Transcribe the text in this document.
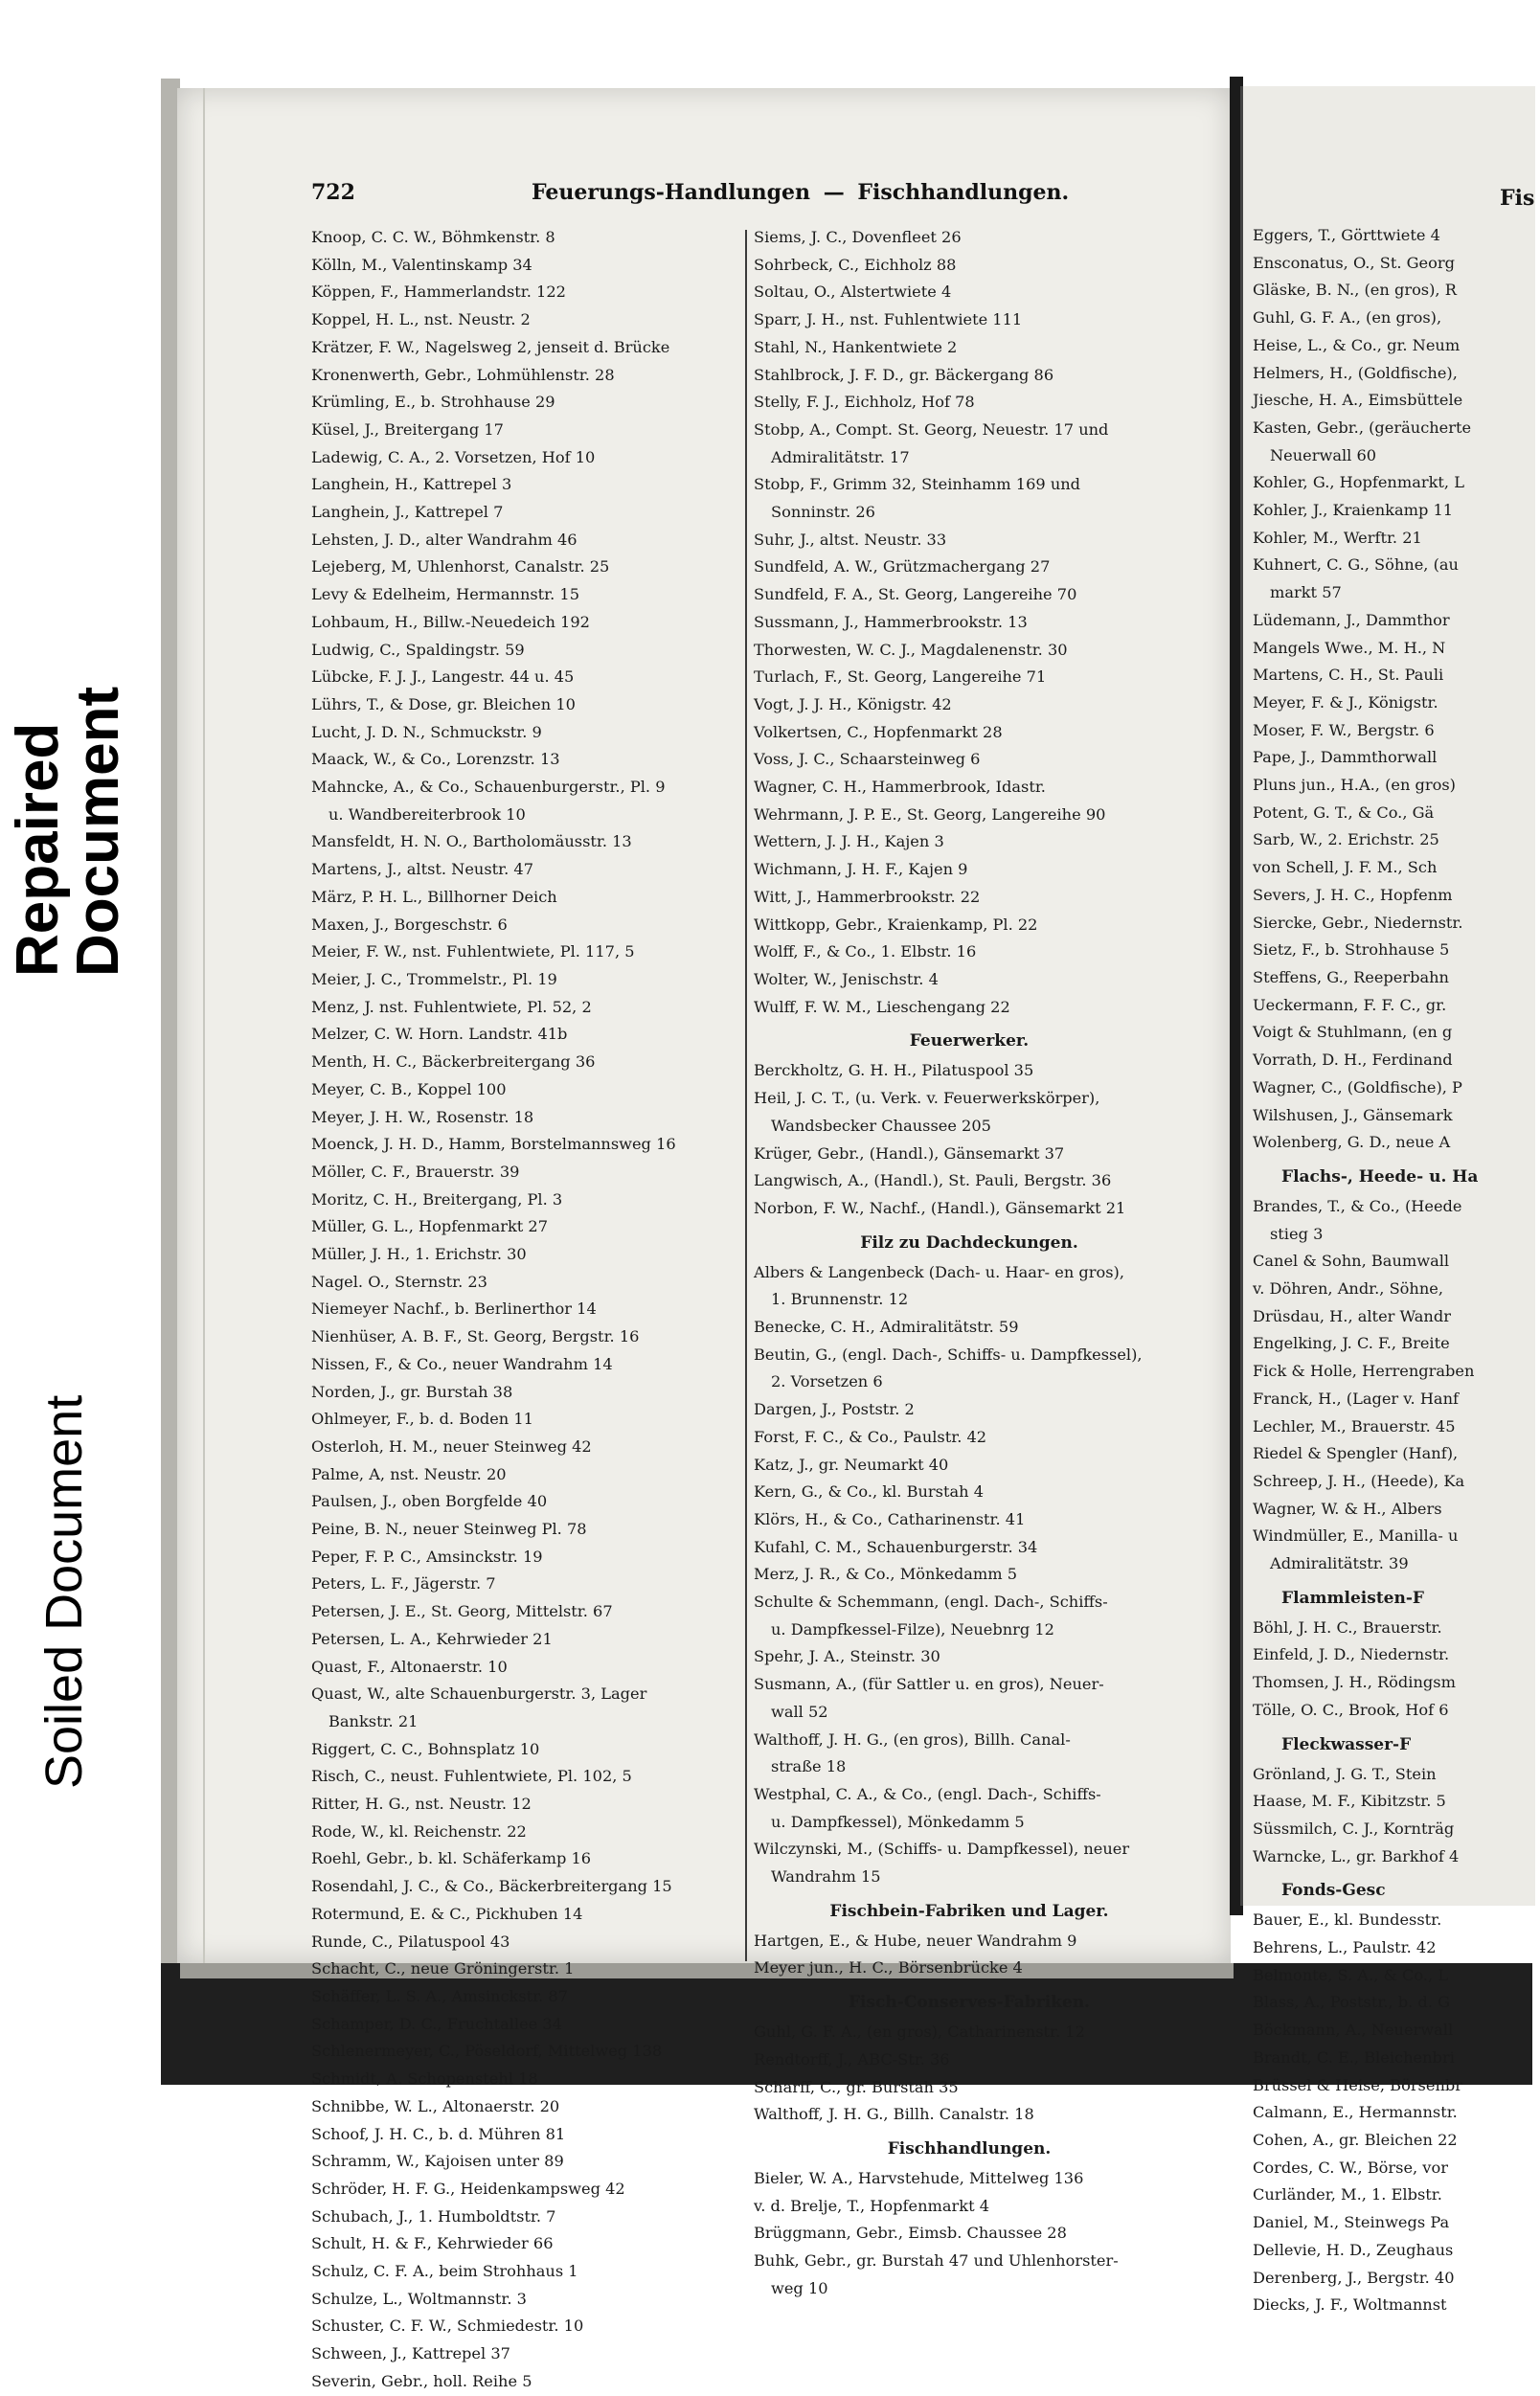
Repaired
Document
Soiled Document
722	Feuerungs-Handlungen — Fischhandlungen.
Knoop, C. C. W., Böhmkenstr. 8
Kölln, M., Valentinskamp 34
Köppen, F., Hammerlandstr. 122
Koppel, H. L., nst. Neustr. 2
Krätzer, F. W., Nagelsweg 2, jenseit d. Brücke
Kronenwerth, Gebr., Lohmühlenstr. 28
Krümling, E., b. Strohhause 29
Küsel, J., Breitergang 17
Ladewig, C. A., 2. Vorsetzen, Hof 10
Langhein, H., Kattrepel 3
Langhein, J., Kattrepel 7
Lehsten, J. D., alter Wandrahm 46
Lejeberg, M, Uhlenhorst, Canalstr. 25
Levy & Edelheim, Hermannstr. 15
Lohbaum, H., Billw.-Neuedeich 192
Ludwig, C., Spaldingstr. 59
Lübcke, F. J. J., Langestr. 44 u. 45
Lührs, T., & Dose, gr. Bleichen 10
Lucht, J. D. N., Schmuckstr. 9
Maack, W., & Co., Lorenzstr. 13
Mahncke, A., & Co., Schauenburgerstr., Pl. 9
u. Wandbereiterbrook 10
Mansfeldt, H. N. O., Bartholomäusstr. 13
Martens, J., altst. Neustr. 47
März, P. H. L., Billhorner Deich
Maxen, J., Borgeschstr. 6
Meier, F. W., nst. Fuhlentwiete, Pl. 117, 5
Meier, J. C., Trommelstr., Pl. 19
Menz, J. nst. Fuhlentwiete, Pl. 52, 2
Melzer, C. W. Horn. Landstr. 41b
Menth, H. C., Bäckerbreitergang 36
Meyer, C. B., Koppel 100
Meyer, J. H. W., Rosenstr. 18
Moenck, J. H. D., Hamm, Borstelmannsweg 16
Möller, C. F., Brauerstr. 39
Moritz, C. H., Breitergang, Pl. 3
Müller, G. L., Hopfenmarkt 27
Müller, J. H., 1. Erichstr. 30
Nagel. O., Sternstr. 23
Niemeyer Nachf., b. Berlinerthor 14
Nienhüser, A. B. F., St. Georg, Bergstr. 16
Nissen, F., & Co., neuer Wandrahm 14
Norden, J., gr. Burstah 38
Ohlmeyer, F., b. d. Boden 11
Osterloh, H. M., neuer Steinweg 42
Palme, A, nst. Neustr. 20
Paulsen, J., oben Borgfelde 40
Peine, B. N., neuer Steinweg Pl. 78
Peper, F. P. C., Amsinckstr. 19
Peters, L. F., Jägerstr. 7
Petersen, J. E., St. Georg, Mittelstr. 67
Petersen, L. A., Kehrwieder 21
Quast, F., Altonaerstr. 10
Quast, W., alte Schauenburgerstr. 3, Lager
Bankstr. 21
Riggert, C. C., Bohnsplatz 10
Risch, C., neust. Fuhlentwiete, Pl. 102, 5
Ritter, H. G., nst. Neustr. 12
Rode, W., kl. Reichenstr. 22
Roehl, Gebr., b. kl. Schäferkamp 16
Rosendahl, J. C., & Co., Bäckerbreitergang 15
Rotermund, E. & C., Pickhuben 14
Runde, C., Pilatuspool 43
Schacht, C., neue Gröningerstr. 1
Schäffer, L. S. A., Amsinckstr. 87
Schamper, D. C., Fruchtallee 34
Schlenermeyer, C., Pöseldorf, Mittelweg 138
Schmidt, A. Schopenstehl 18
Schnibbe, W. L., Altonaerstr. 20
Schoof, J. H. C., b. d. Mühren 81
Schramm, W., Kajoisen unter 89
Schröder, H. F. G., Heidenkampsweg 42
Schubach, J., 1. Humboldtstr. 7
Schult, H. & F., Kehrwieder 66
Schulz, C. F. A., beim Strohhaus 1
Schulze, L., Woltmannstr. 3
Schuster, C. F. W., Schmiedestr. 10
Schween, J., Kattrepel 37
Severin, Gebr., holl. Reihe 5
Siems, J. C., Dovenfleet 26
Sohrbeck, C., Eichholz 88
Soltau, O., Alstertwiete 4
Sparr, J. H., nst. Fuhlentwiete 111
Stahl, N., Hankentwiete 2
Stahlbrock, J. F. D., gr. Bäckergang 86
Stelly, F. J., Eichholz, Hof 78
Stobp, A., Compt. St. Georg, Neuestr. 17 und
Admiralitätstr. 17
Stobp, F., Grimm 32, Steinhamm 169 und
Sonninstr. 26
Suhr, J., altst. Neustr. 33
Sundfeld, A. W., Grützmachergang 27
Sundfeld, F. A., St. Georg, Langereihe 70
Sussmann, J., Hammerbrookstr. 13
Thorwesten, W. C. J., Magdalenenstr. 30
Turlach, F., St. Georg, Langereihe 71
Vogt, J. J. H., Königstr. 42
Volkertsen, C., Hopfenmarkt 28
Voss, J. C., Schaarsteinweg 6
Wagner, C. H., Hammerbrook, Idastr.
Wehrmann, J. P. E., St. Georg, Langereihe 90
Wettern, J. J. H., Kajen 3
Wichmann, J. H. F., Kajen 9
Witt, J., Hammerbrookstr. 22
Wittkopp, Gebr., Kraienkamp, Pl. 22
Wolff, F., & Co., 1. Elbstr. 16
Wolter, W., Jenischstr. 4
Wulff, F. W. M., Lieschengang 22
Feuerwerker.
Berckholtz, G. H. H., Pilatuspool 35
Heil, J. C. T., (u. Verk. v. Feuerwerkskörper),
Wandsbecker Chaussee 205
Krüger, Gebr., (Handl.), Gänsemarkt 37
Langwisch, A., (Handl.), St. Pauli, Bergstr. 36
Norbon, F. W., Nachf., (Handl.), Gänsemarkt 21
Filz zu Dachdeckungen.
Albers & Langenbeck (Dach- u. Haar- en gros),
1. Brunnenstr. 12
Benecke, C. H., Admiralitätstr. 59
Beutin, G., (engl. Dach-, Schiffs- u. Dampfkessel),
2. Vorsetzen 6
Dargen, J., Poststr. 2
Forst, F. C., & Co., Paulstr. 42
Katz, J., gr. Neumarkt 40
Kern, G., & Co., kl. Burstah 4
Klörs, H., & Co., Catharinenstr. 41
Kufahl, C. M., Schauenburgerstr. 34
Merz, J. R., & Co., Mönkedamm 5
Schulte & Schemmann, (engl. Dach-, Schiffs-
u. Dampfkessel-Filze), Neuebnrg 12
Spehr, J. A., Steinstr. 30
Susmann, A., (für Sattler u. en gros), Neuer-
wall 52
Walthoff, J. H. G., (en gros), Billh. Canal-
straße 18
Westphal, C. A., & Co., (engl. Dach-, Schiffs-
u. Dampfkessel), Mönkedamm 5
Wilczynski, M., (Schiffs- u. Dampfkessel), neuer
Wandrahm 15
Fischbein-Fabriken und Lager.
Hartgen, E., & Hube, neuer Wandrahm 9
Meyer jun., H. C., Börsenbrücke 4
Fisch-Conserves-Fabriken.
Guhl, G. F. A., (en gros), Catharinenstr. 12
Rendtorff, J., ABC-Str. 36
Scharff, C., gr. Burstah 35
Walthoff, J. H. G., Billh. Canalstr. 18
Fischhandlungen.
Bieler, W. A., Harvstehude, Mittelweg 136
v. d. Brelje, T., Hopfenmarkt 4
Brüggmann, Gebr., Eimsb. Chaussee 28
Buhk, Gebr., gr. Burstah 47 und Uhlenhorster-
weg 10
Fis
Eggers, T., Görttwiete 4
Ensconatus, O., St. Georg
Gläske, B. N., (en gros), R
Guhl, G. F. A., (en gros),
Heise, L., & Co., gr. Neum
Helmers, H., (Goldfische),
Jiesche, H. A., Eimsbüttele
Kasten, Gebr., (geräucherte
Neuerwall 60
Kohler, G., Hopfenmarkt, L
Kohler, J., Kraienkamp 11
Kohler, M., Werftr. 21
Kuhnert, C. G., Söhne, (au
markt 57
Lüdemann, J., Dammthor
Mangels Wwe., M. H., N
Martens, C. H., St. Pauli
Meyer, F. & J., Königstr.
Moser, F. W., Bergstr. 6
Pape, J., Dammthorwall
Pluns jun., H.A., (en gros)
Potent, G. T., & Co., Gä
Sarb, W., 2. Erichstr. 25
von Schell, J. F. M., Sch
Severs, J. H. C., Hopfenm
Siercke, Gebr., Niedernstr.
Sietz, F., b. Strohhause 5
Steffens, G., Reeperbahn
Ueckermann, F. F. C., gr.
Voigt & Stuhlmann, (en g
Vorrath, D. H., Ferdinand
Wagner, C., (Goldfische), P
Wilshusen, J., Gänsemark
Wolenberg, G. D., neue A
Flachs-, Heede- u. Ha
Brandes, T., & Co., (Heede
stieg 3
Canel & Sohn, Baumwall
v. Döhren, Andr., Söhne,
Drüsdau, H., alter Wandr
Engelking, J. C. F., Breite
Fick & Holle, Herrengraben
Franck, H., (Lager v. Hanf
Lechler, M., Brauerstr. 45
Riedel & Spengler (Hanf),
Schreep, J. H., (Heede), Ka
Wagner, W. & H., Albers
Windmüller, E., Manilla- u
Admiralitätstr. 39
Flammleisten-F
Böhl, J. H. C., Brauerstr.
Einfeld, J. D., Niedernstr.
Thomsen, J. H., Rödingsm
Tölle, O. C., Brook, Hof 6
Fleckwasser-F
Grönland, J. G. T., Stein
Haase, M. F., Kibitzstr. 5
Süssmilch, C. J., Kornträg
Warncke, L., gr. Barkhof 4
Fonds-Gesc
Bauer, E., kl. Bundesstr.
Behrens, L., Paulstr. 42
Belmonte, S. A., & Co., L
Blass, A., Poststr., b. d. G
Böckmann, A., Neuerwall
Brandt, C. E., Bleichenbri
Brüssel & Heise, Börsenbr
Calmann, E., Hermannstr.
Cohen, A., gr. Bleichen 22
Cordes, C. W., Börse, vor
Curländer, M., 1. Elbstr.
Daniel, M., Steinwegs Pa
Dellevie, H. D., Zeughaus
Derenberg, J., Bergstr. 40
Diecks, J. F., Woltmannst
